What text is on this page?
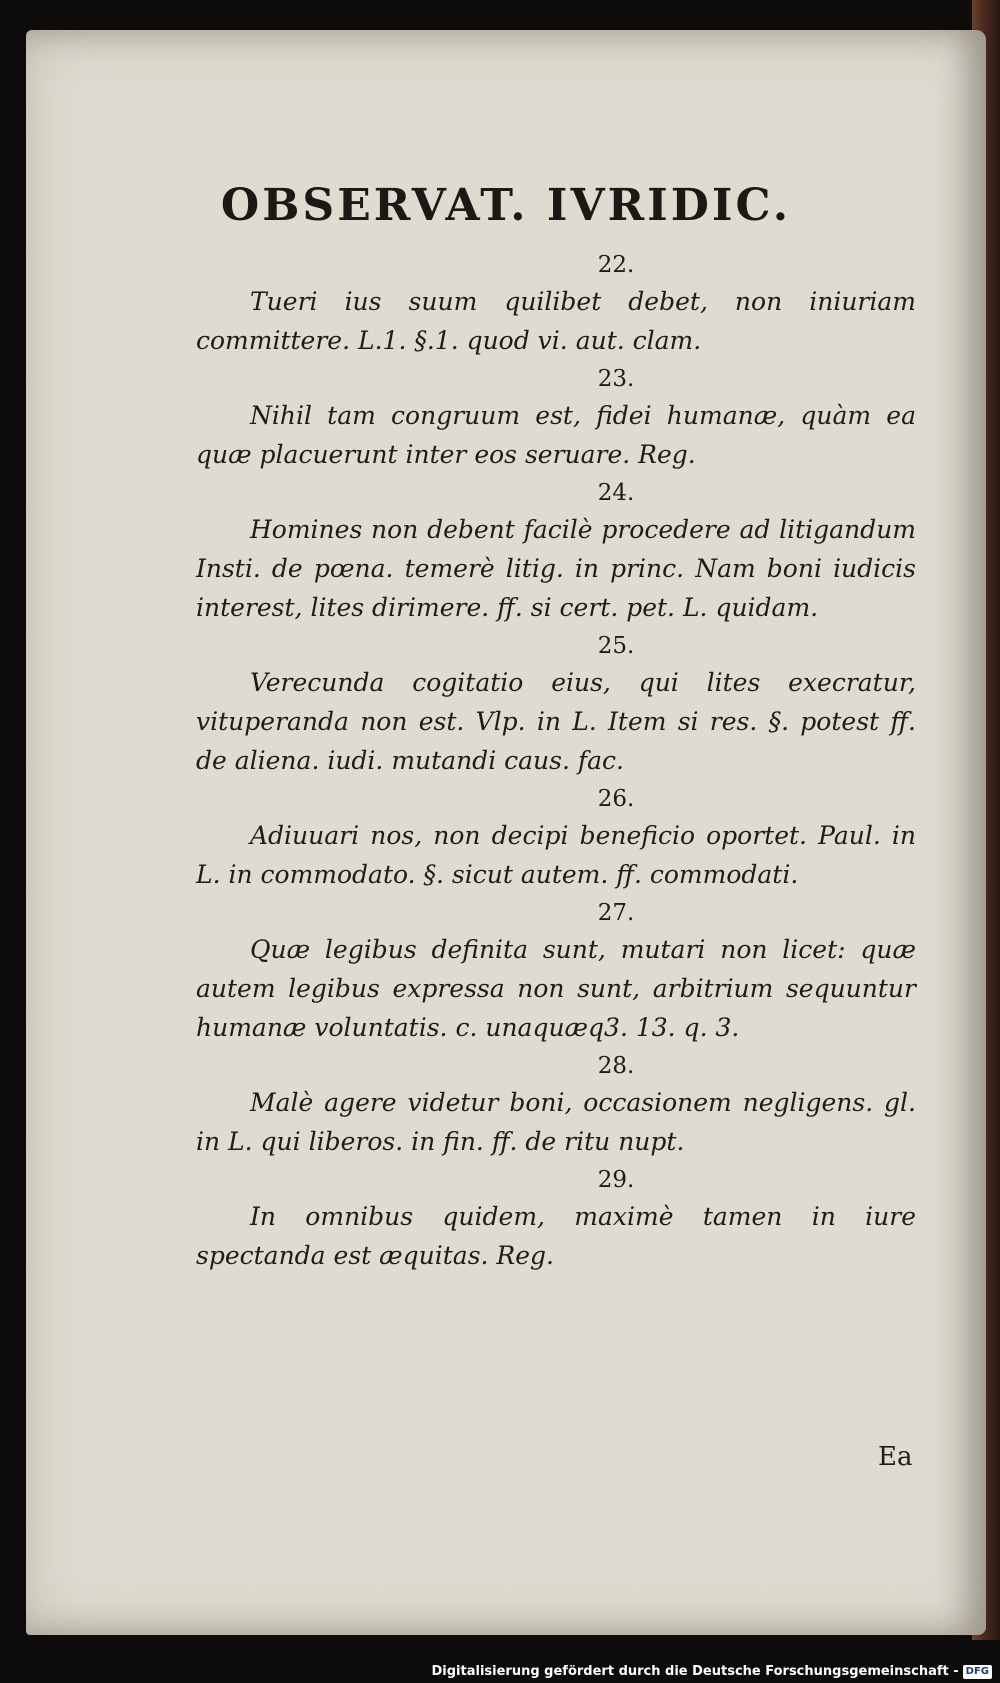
OBSERVAT. IVRIDIC.
22.
Tueri ius suum quilibet debet, non iniuriam committere. L.1. §.1. quod vi. aut. clam.
23.
Nihil tam congruum est, fidei humanæ, quàm ea quæ placuerunt inter eos seruare. Reg.
24.
Homines non debent facilè procedere ad litigandum Insti. de pœna. temerè litig. in princ. Nam boni iudicis interest, lites dirimere. ff. si cert. pet. L. quidam.
25.
Verecunda cogitatio eius, qui lites execratur, vituperanda non est. Vlp. in L. Item si res. §. potest ff. de aliena. iudi. mutandi caus. fac.
26.
Adiuuari nos, non decipi beneficio oportet. Paul. in L. in commodato. §. sicut autem. ff. commodati.
27.
Quæ legibus definita sunt, mutari non licet: quæ autem legibus expressa non sunt, arbitrium sequuntur humanæ voluntatis. c. unaquæq3. 13. q. 3.
28.
Malè agere videtur boni, occasionem negligens. gl. in L. qui liberos. in fin. ff. de ritu nupt.
29.
In omnibus quidem, maximè tamen in iure spectanda est æquitas. Reg.
Ea
Digitalisierung gefördert durch die Deutsche Forschungsgemeinschaft - DFG
